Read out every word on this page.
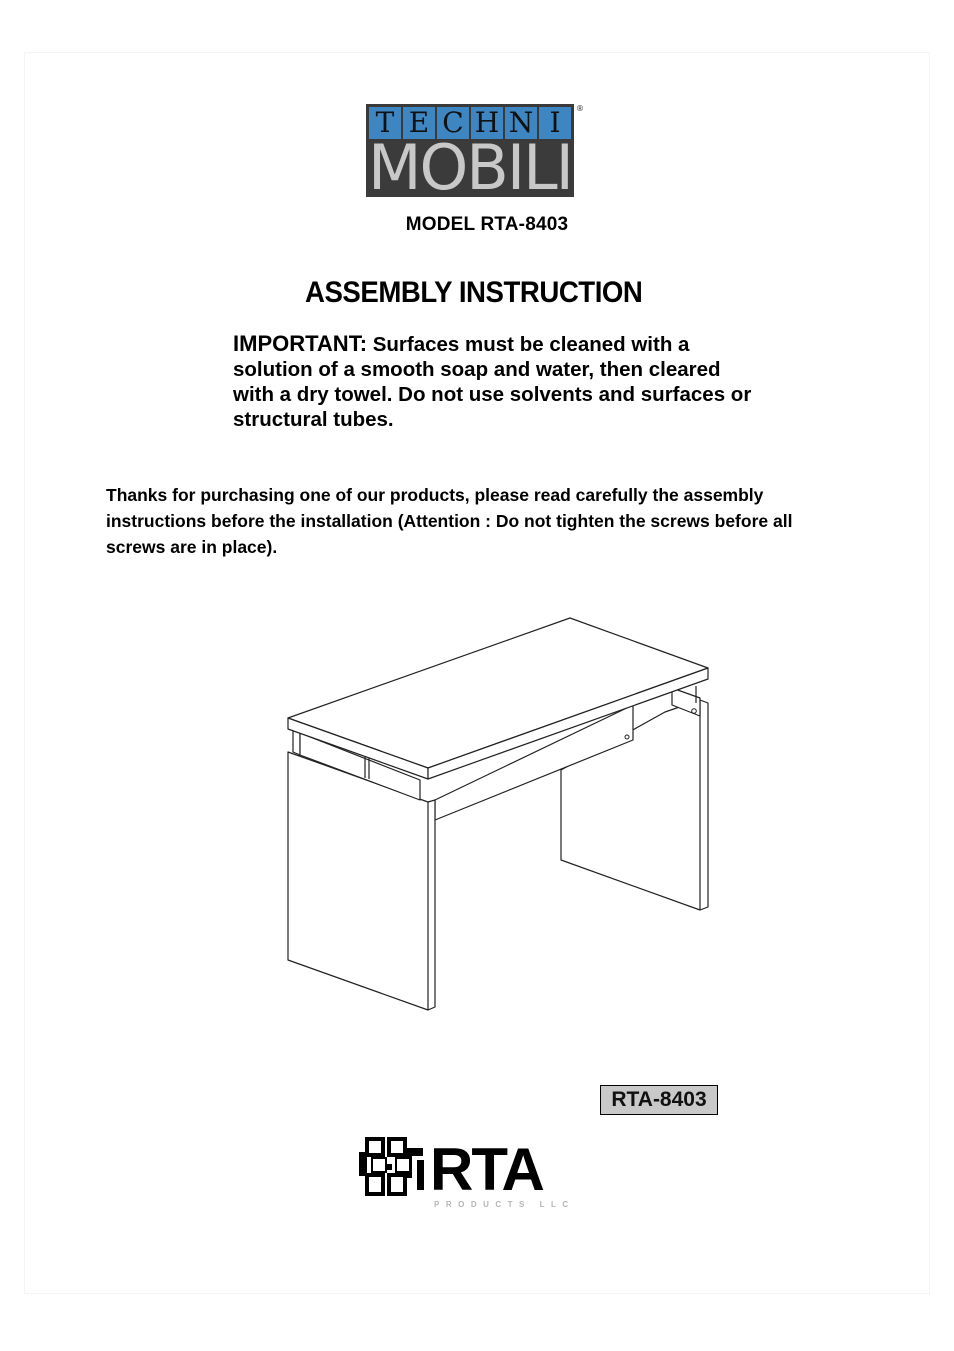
T E C H N I
MOBILI
®
MODEL RTA-8403
ASSEMBLY INSTRUCTION
IMPORTANT: Surfaces must be cleaned with a solution of a smooth soap and water, then cleared with a dry towel. Do not use solvents and surfaces or structural tubes.
Thanks for purchasing one of our products, please read carefully the assembly instructions before the installation (Attention : Do not tighten the screws before all screws are in place).
RTA-8403
RTA
PRODUCTS LLC
